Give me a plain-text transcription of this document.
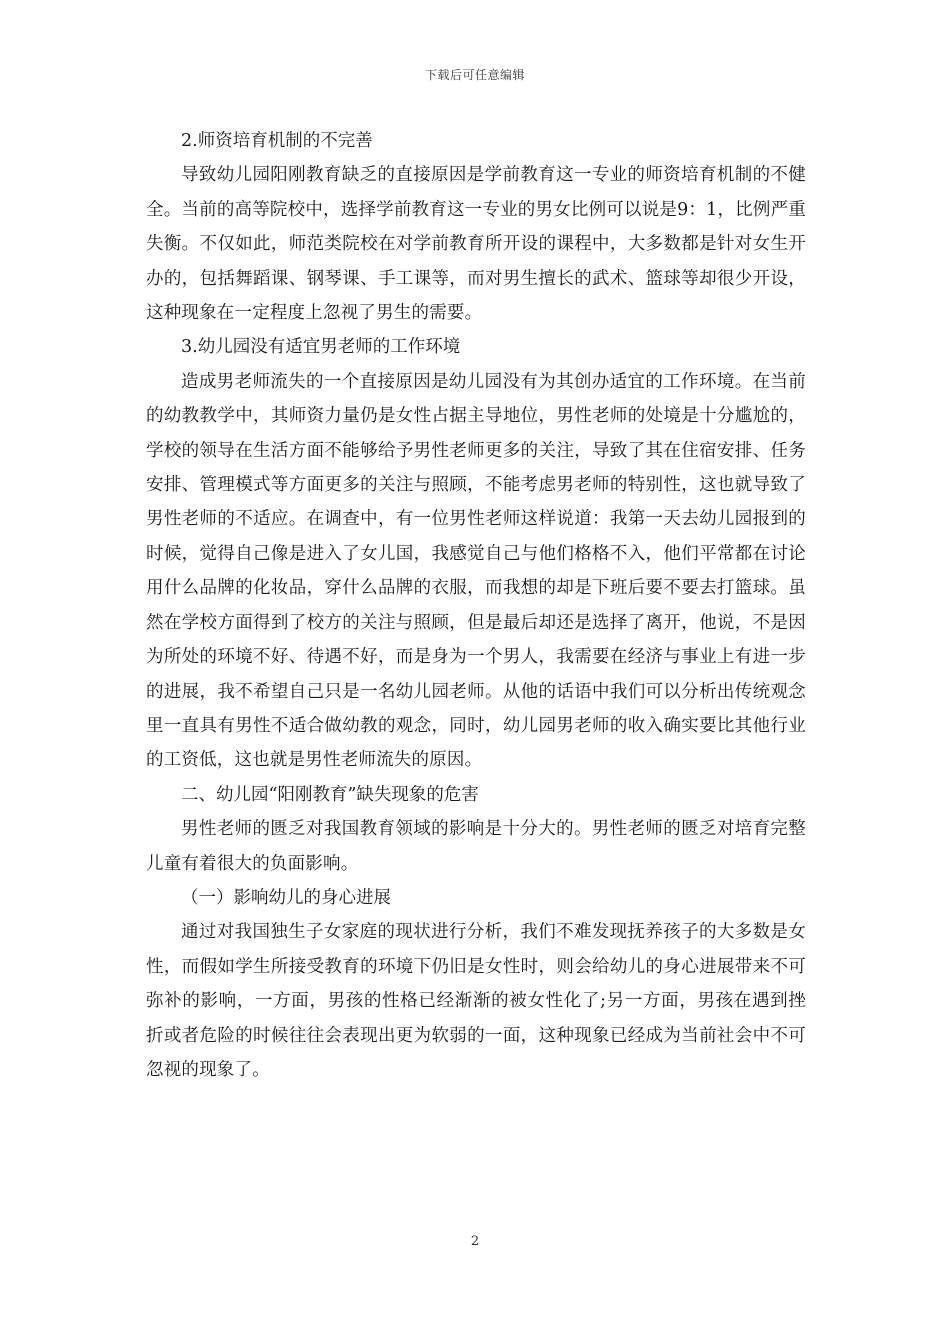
下载后可任意编辑

2.师资培育机制的不完善

导致幼儿园阳刚教育缺乏的直接原因是学前教育这一专业的师资培育机制的不健全。当前的高等院校中，选择学前教育这一专业的男女比例可以说是9：1，比例严重失衡。不仅如此，师范类院校在对学前教育所开设的课程中，大多数都是针对女生开办的，包括舞蹈课、钢琴课、手工课等，而对男生擅长的武术、篮球等却很少开设，这种现象在一定程度上忽视了男生的需要。

3.幼儿园没有适宜男老师的工作环境

造成男老师流失的一个直接原因是幼儿园没有为其创办适宜的工作环境。在当前的幼教教学中，其师资力量仍是女性占据主导地位，男性老师的处境是十分尴尬的，学校的领导在生活方面不能够给予男性老师更多的关注，导致了其在住宿安排、任务安排、管理模式等方面更多的关注与照顾，不能考虑男老师的特别性，这也就导致了男性老师的不适应。在调查中，有一位男性老师这样说道：我第一天去幼儿园报到的时候，觉得自己像是进入了女儿国，我感觉自己与他们格格不入，他们平常都在讨论用什么品牌的化妆品，穿什么品牌的衣服，而我想的却是下班后要不要去打篮球。虽然在学校方面得到了校方的关注与照顾，但是最后却还是选择了离开，他说，不是因为所处的环境不好、待遇不好，而是身为一个男人，我需要在经济与事业上有进一步的进展，我不希望自己只是一名幼儿园老师。从他的话语中我们可以分析出传统观念里一直具有男性不适合做幼教的观念，同时，幼儿园男老师的收入确实要比其他行业的工资低，这也就是男性老师流失的原因。

二、幼儿园“阳刚教育”缺失现象的危害

男性老师的匮乏对我国教育领域的影响是十分大的。男性老师的匮乏对培育完整儿童有着很大的负面影响。

（一）影响幼儿的身心进展

通过对我国独生子女家庭的现状进行分析，我们不难发现抚养孩子的大多数是女性，而假如学生所接受教育的环境下仍旧是女性时，则会给幼儿的身心进展带来不可弥补的影响，一方面，男孩的性格已经渐渐的被女性化了;另一方面，男孩在遇到挫折或者危险的时候往往会表现出更为软弱的一面，这种现象已经成为当前社会中不可忽视的现象了。

2
